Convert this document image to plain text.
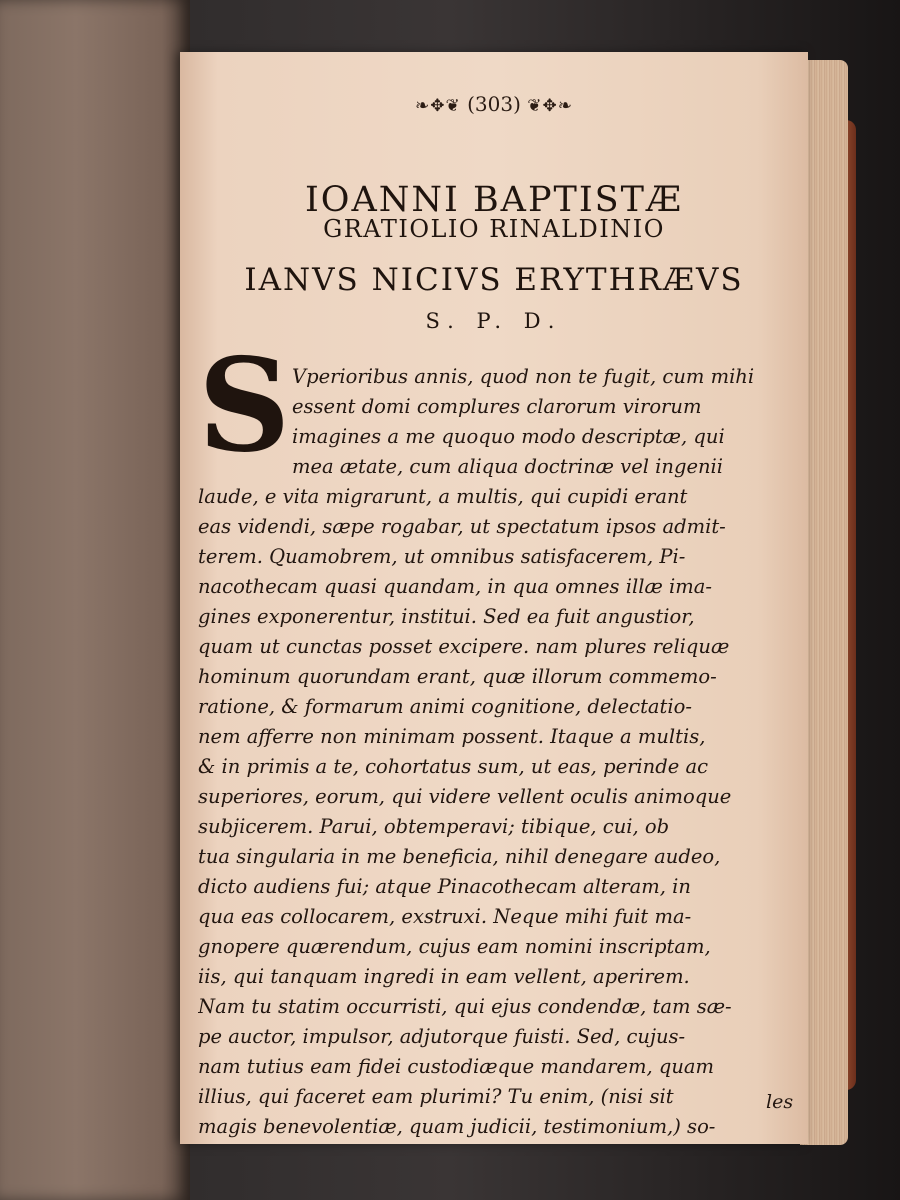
❧✥❦ (303) ❦✥❧
IOANNI BAPTISTÆ
GRATIOLIO RINALDINIO
IANVS NICIVS ERYTHRÆVS
S. P. D.
S Vperioribus annis, quod non te fugit, cum mihi
essent domi complures clarorum virorum
imagines a me quoquo modo descriptæ, qui
mea ætate, cum aliqua doctrinæ vel ingenii
laude, e vita migrarunt, a multis, qui cupidi erant
eas videndi, sæpe rogabar, ut spectatum ipsos admit-
terem. Quamobrem, ut omnibus satisfacerem, Pi-
nacothecam quasi quandam, in qua omnes illæ ima-
gines exponerentur, institui. Sed ea fuit angustior,
quam ut cunctas posset excipere. nam plures reliquæ
hominum quorundam erant, quæ illorum commemo-
ratione, & formarum animi cognitione, delectatio-
nem afferre non minimam possent. Itaque a multis,
& in primis a te, cohortatus sum, ut eas, perinde ac
superiores, eorum, qui videre vellent oculis animoque
subjicerem. Parui, obtemperavi; tibique, cui, ob
tua singularia in me beneficia, nihil denegare audeo,
dicto audiens fui; atque Pinacothecam alteram, in
qua eas collocarem, exstruxi. Neque mihi fuit ma-
gnopere quærendum, cujus eam nomini inscriptam,
iis, qui tanquam ingredi in eam vellent, aperirem.
Nam tu statim occurristi, qui ejus condendæ, tam sæ-
pe auctor, impulsor, adjutorque fuisti. Sed, cujus-
nam tutius eam fidei custodiæque mandarem, quam
illius, qui faceret eam plurimi? Tu enim, (nisi sit
magis benevolentiæ, quam judicii, testimonium,) so-
les
